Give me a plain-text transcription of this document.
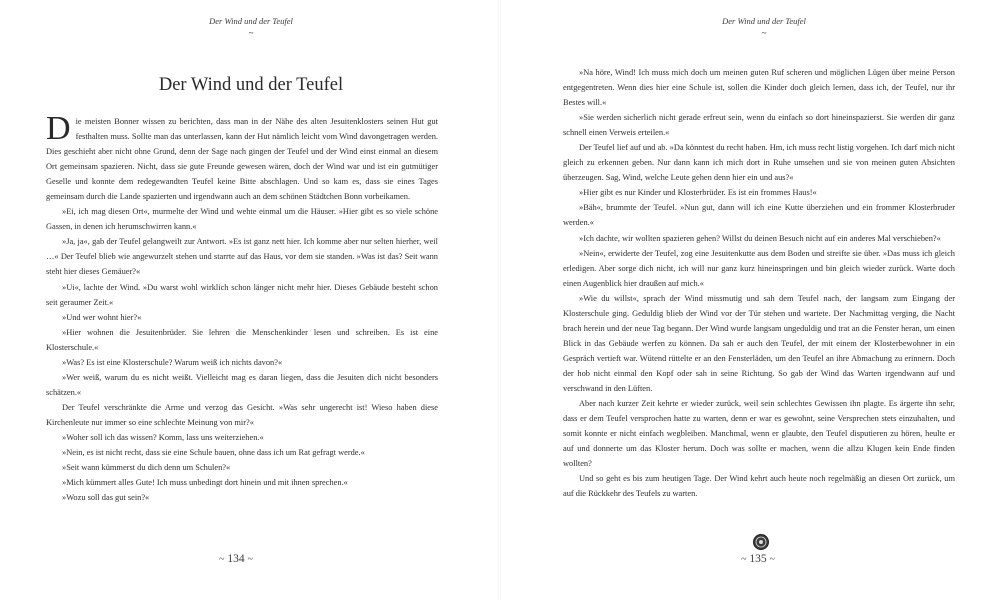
Der Wind und der Teufel
~
Der Wind und der Teufel

Die meisten Bonner wissen zu berichten, dass man in der Nähe des alten Jesuitenklosters seinen Hut gut festhalten muss. Sollte man das unterlassen, kann der Hut nämlich leicht vom Wind davongetragen werden. Dies geschieht aber nicht ohne Grund, denn der Sage nach gingen der Teufel und der Wind einst einmal an diesem Ort gemeinsam spazieren. Nicht, dass sie gute Freunde gewesen wären, doch der Wind war und ist ein gutmütiger Geselle und konnte dem redegewandten Teufel keine Bitte abschlagen. Und so kam es, dass sie eines Tages gemeinsam durch die Lande spazierten und irgendwann auch an dem schönen Städtchen Bonn vorbeikamen.

»Ei, ich mag diesen Ort«, murmelte der Wind und wehte einmal um die Häuser. »Hier gibt es so viele schöne Gassen, in denen ich herumschwirren kann.«

»Ja, ja«, gab der Teufel gelangweilt zur Antwort. »Es ist ganz nett hier. Ich komme aber nur selten hierher, weil …« Der Teufel blieb wie angewurzelt stehen und starrte auf das Haus, vor dem sie standen. »Was ist das? Seit wann steht hier dieses Gemäuer?«

»Ui«, lachte der Wind. »Du warst wohl wirklich schon länger nicht mehr hier. Dieses Gebäude besteht schon seit geraumer Zeit.«

»Und wer wohnt hier?«

»Hier wohnen die Jesuitenbrüder. Sie lehren die Menschenkinder lesen und schreiben. Es ist eine Klosterschule.«

»Was? Es ist eine Klosterschule? Warum weiß ich nichts davon?«

»Wer weiß, warum du es nicht weißt. Vielleicht mag es daran liegen, dass die Jesuiten dich nicht besonders schätzen.«

Der Teufel verschränkte die Arme und verzog das Gesicht. »Was sehr ungerecht ist! Wieso haben diese Kirchenleute nur immer so eine schlechte Meinung von mir?«

»Woher soll ich das wissen? Komm, lass uns weiterziehen.«

»Nein, es ist nicht recht, dass sie eine Schule bauen, ohne dass ich um Rat gefragt werde.«

»Seit wann kümmerst du dich denn um Schulen?«

»Mich kümmert alles Gute! Ich muss unbedingt dort hinein und mit ihnen sprechen.«

»Wozu soll das gut sein?«

~ 134 ~
Der Wind und der Teufel
~

»Na höre, Wind! Ich muss mich doch um meinen guten Ruf scheren und möglichen Lügen über meine Person entgegentreten. Wenn dies hier eine Schule ist, sollen die Kinder doch gleich lernen, dass ich, der Teufel, nur ihr Bestes will.«

»Sie werden sicherlich nicht gerade erfreut sein, wenn du einfach so dort hineinspazierst. Sie werden dir ganz schnell einen Verweis erteilen.«

Der Teufel lief auf und ab. »Da könntest du recht haben. Hm, ich muss recht listig vorgehen. Ich darf mich nicht gleich zu erkennen geben. Nur dann kann ich mich dort in Ruhe umsehen und sie von meinen guten Absichten überzeugen. Sag, Wind, welche Leute gehen denn hier ein und aus?«

»Hier gibt es nur Kinder und Klosterbrüder. Es ist ein frommes Haus!«

»Bäh«, brummte der Teufel. »Nun gut, dann will ich eine Kutte überziehen und ein frommer Klosterbruder werden.«

»Ich dachte, wir wollten spazieren gehen? Willst du deinen Besuch nicht auf ein anderes Mal verschieben?«

»Nein«, erwiderte der Teufel, zog eine Jesuitenkutte aus dem Boden und streifte sie über. »Das muss ich gleich erledigen. Aber sorge dich nicht, ich will nur ganz kurz hineinspringen und bin gleich wieder zurück. Warte doch einen Augenblick hier draußen auf mich.«

»Wie du willst«, sprach der Wind missmutig und sah dem Teufel nach, der langsam zum Eingang der Klosterschule ging. Geduldig blieb der Wind vor der Tür stehen und wartete. Der Nachmittag verging, die Nacht brach herein und der neue Tag begann. Der Wind wurde langsam ungeduldig und trat an die Fenster heran, um einen Blick in das Gebäude werfen zu können. Da sah er auch den Teufel, der mit einem der Klosterbewohner in ein Gespräch vertieft war. Wütend rüttelte er an den Fensterläden, um den Teufel an ihre Abmachung zu erinnern. Doch der hob nicht einmal den Kopf oder sah in seine Richtung. So gab der Wind das Warten irgendwann auf und verschwand in den Lüften.

Aber nach kurzer Zeit kehrte er wieder zurück, weil sein schlechtes Gewissen ihn plagte. Es ärgerte ihn sehr, dass er dem Teufel versprochen hatte zu warten, denn er war es gewohnt, seine Versprechen stets einzuhalten, und somit konnte er nicht einfach wegbleiben. Manchmal, wenn er glaubte, den Teufel disputieren zu hören, heulte er auf und donnerte um das Kloster herum. Doch was sollte er machen, wenn die allzu Klugen kein Ende finden wollten?

Und so geht es bis zum heutigen Tage. Der Wind kehrt auch heute noch regelmäßig an diesen Ort zurück, um auf die Rückkehr des Teufels zu warten.

~ 135 ~
